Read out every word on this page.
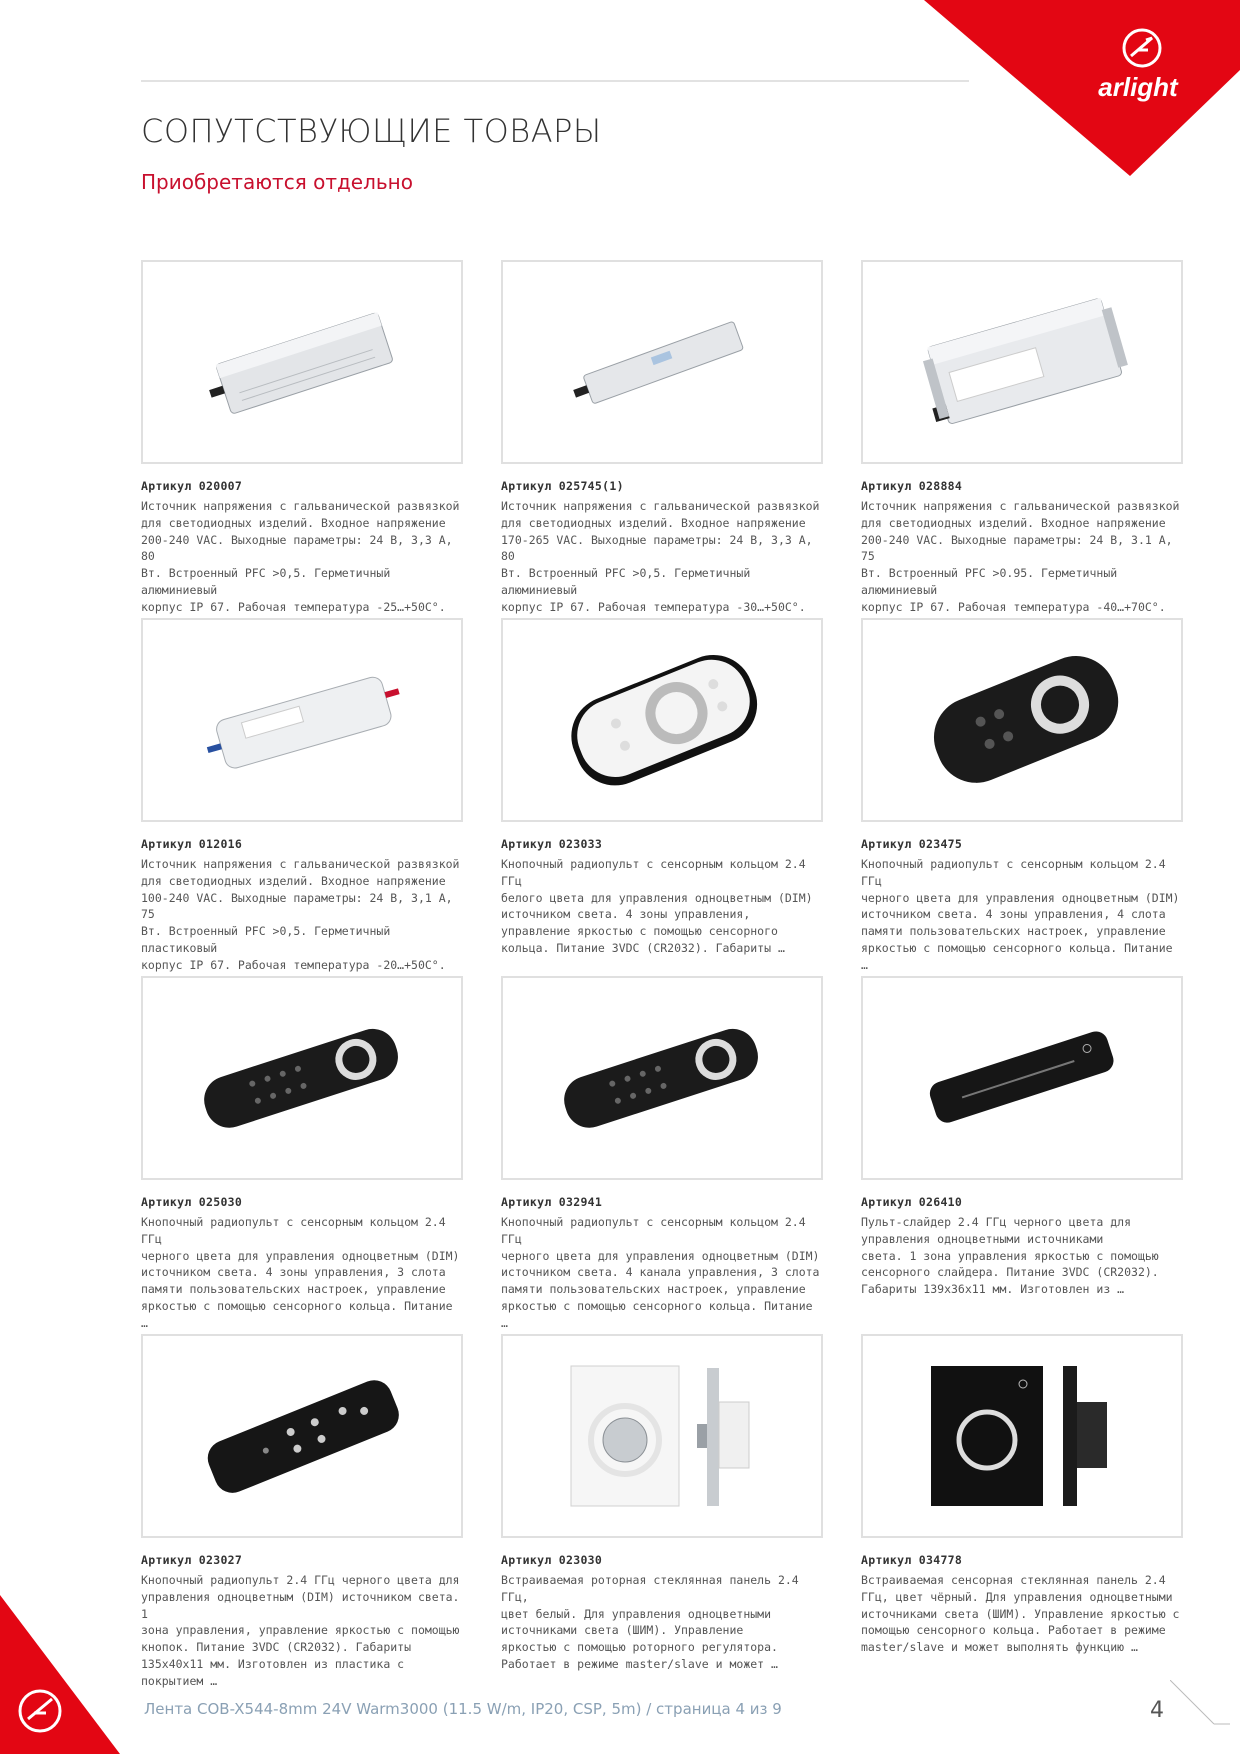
arlight
СОПУТСТВУЮЩИЕ ТОВАРЫ
Приобретаются отдельно
Артикул 020007
Источник напряжения с гальванической развязкой
для светодиодных изделий. Входное напряжение
200-240 VAC. Выходные параметры: 24 В, 3,3 А, 80
Вт. Встроенный PFC >0,5. Герметичный алюминиевый
корпус IP 67. Рабочая температура -25…+50C°.
Артикул 025745(1)
Источник напряжения с гальванической развязкой
для светодиодных изделий. Входное напряжение
170-265 VAC. Выходные параметры: 24 В, 3,3 А, 80
Вт. Встроенный PFC >0,5. Герметичный алюминиевый
корпус IP 67. Рабочая температура -30…+50C°.
Артикул 028884
Источник напряжения с гальванической развязкой
для светодиодных изделий. Входное напряжение
200-240 VAC. Выходные параметры: 24 В, 3.1 А, 75
Вт. Встроенный PFC >0.95. Герметичный алюминиевый
корпус IP 67. Рабочая температура -40…+70C°.
Артикул 012016
Источник напряжения с гальванической развязкой
для светодиодных изделий. Входное напряжение
100-240 VAC. Выходные параметры: 24 В, 3,1 А, 75
Вт. Встроенный PFC >0,5. Герметичный пластиковый
корпус IP 67. Рабочая температура -20…+50C°.
Артикул 023033
Кнопочный радиопульт с сенсорным кольцом 2.4 ГГц
белого цвета для управления одноцветным (DIM)
источником света. 4 зоны управления,
управление яркостью с помощью сенсорного
кольца. Питание 3VDC (CR2032). Габариты …
Артикул 023475
Кнопочный радиопульт с сенсорным кольцом 2.4 ГГц
черного цвета для управления одноцветным (DIM)
источником света. 4 зоны управления, 4 слота
памяти пользовательских настроек, управление
яркостью с помощью сенсорного кольца. Питание …
Артикул 025030
Кнопочный радиопульт с сенсорным кольцом 2.4 ГГц
черного цвета для управления одноцветным (DIM)
источником света. 4 зоны управления, 3 слота
памяти пользовательских настроек, управление
яркостью с помощью сенсорного кольца. Питание …
Артикул 032941
Кнопочный радиопульт с сенсорным кольцом 2.4 ГГц
черного цвета для управления одноцветным (DIM)
источником света. 4 канала управления, 3 слота
памяти пользовательских настроек, управление
яркостью с помощью сенсорного кольца. Питание …
Артикул 026410
Пульт-слайдер 2.4 ГГц черного цвета для
управления одноцветными источниками
света. 1 зона управления яркостью с помощью
сенсорного слайдера. Питание 3VDC (CR2032).
Габариты 139x36x11 мм. Изготовлен из …
Артикул 023027
Кнопочный радиопульт 2.4 ГГц черного цвета для
управления одноцветным (DIM) источником света. 1
зона управления, управление яркостью с помощью
кнопок. Питание 3VDC (CR2032). Габариты
135x40x11 мм. Изготовлен из пластика с покрытием …
Артикул 023030
Встраиваемая роторная стеклянная панель 2.4 ГГц,
цвет белый. Для управления одноцветными
источниками света (ШИМ). Управление
яркостью с помощью роторного регулятора.
Работает в режиме master/slave и может …
Артикул 034778
Встраиваемая сенсорная стеклянная панель 2.4
ГГц, цвет чёрный. Для управления одноцветными
источниками света (ШИМ). Управление яркостью с
помощью сенсорного кольца. Работает в режиме
master/slave и может выполнять функцию …
Лента COB-X544-8mm 24V Warm3000 (11.5 W/m, IP20, CSP, 5m) / страница 4 из 9	4
